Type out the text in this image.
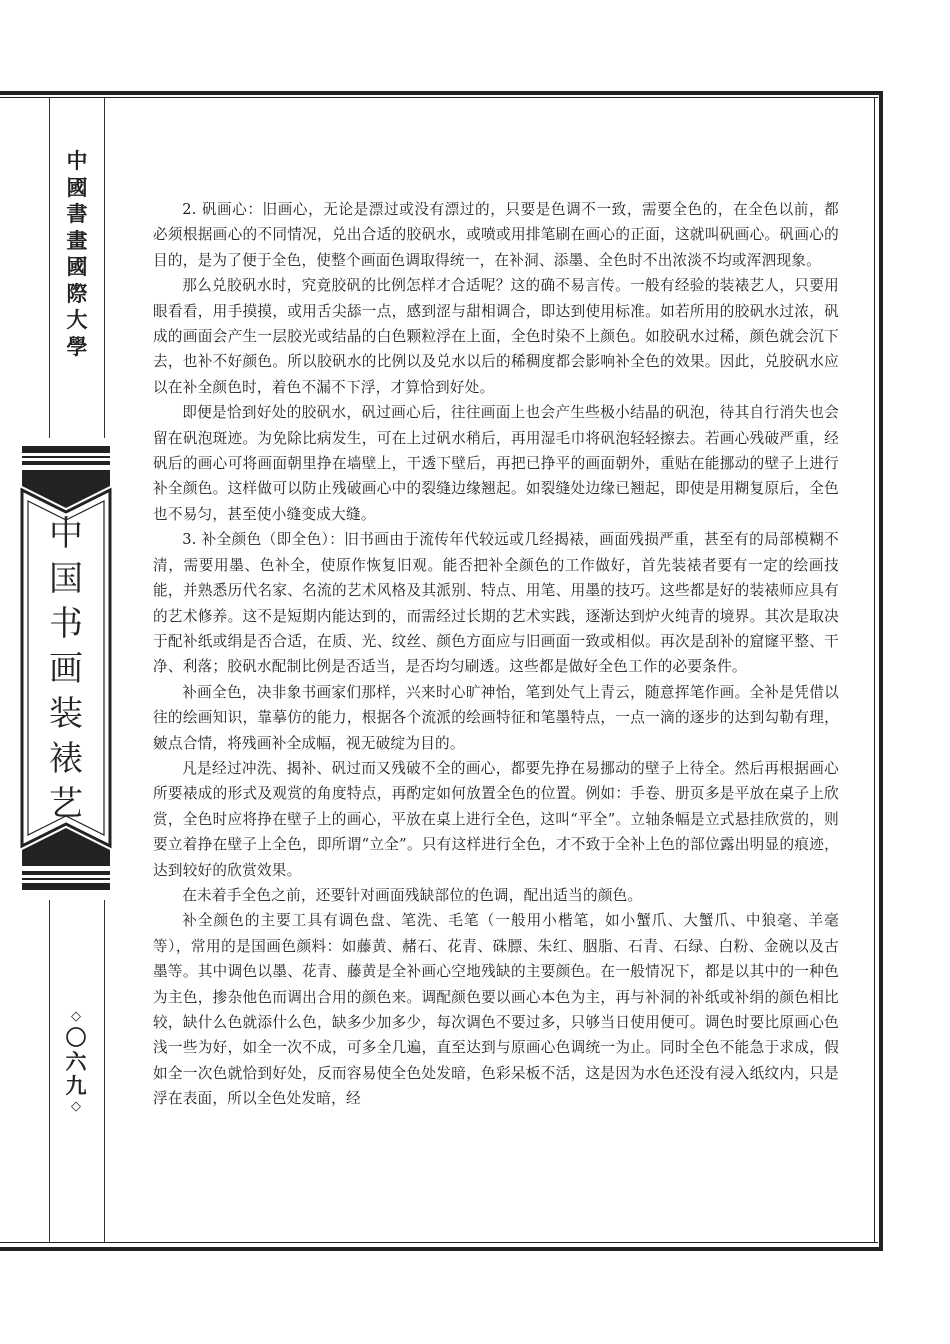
中
國
書
畫
國
際
大
學
中
国
书
画
装
裱
艺
术
◇
〇
六
九
◇

2. 矾画心：旧画心，无论是漂过或没有漂过的，只要是色调不一致，需要全色的，在全色以前，都必须根据画心的不同情况，兑出合适的胶矾水，或喷或用排笔刷在画心的正面，这就叫矾画心。矾画心的目的，是为了便于全色，使整个画面色调取得统一，在补洞、添墨、全色时不出浓淡不均或浑泗现象。

那么兑胶矾水时，究竟胶矾的比例怎样才合适呢？这的确不易言传。一般有经验的装裱艺人，只要用眼看看，用手摸摸，或用舌尖舔一点，感到涩与甜相调合，即达到使用标准。如若所用的胶矾水过浓，矾成的画面会产生一层胶光或结晶的白色颗粒浮在上面，全色时染不上颜色。如胶矾水过稀，颜色就会沉下去，也补不好颜色。所以胶矾水的比例以及兑水以后的稀稠度都会影响补全色的效果。因此，兑胶矾水应以在补全颜色时，着色不漏不下浮，才算恰到好处。

即便是恰到好处的胶矾水，矾过画心后，往往画面上也会产生些极小结晶的矾泡，待其自行消失也会留在矾泡斑迹。为免除比病发生，可在上过矾水稍后，再用湿毛巾将矾泡轻轻擦去。若画心残破严重，经矾后的画心可将画面朝里挣在墙壁上，干透下壁后，再把已挣平的画面朝外，重贴在能挪动的壁子上进行补全颜色。这样做可以防止残破画心中的裂缝边缘翘起。如裂缝处边缘已翘起，即使是用糊复原后，全色也不易匀，甚至使小缝变成大缝。

3. 补全颜色（即全色）：旧书画由于流传年代较远或几经揭裱，画面残损严重，甚至有的局部模糊不清，需要用墨、色补全，使原作恢复旧观。能否把补全颜色的工作做好，首先装裱者要有一定的绘画技能，并熟悉历代名家、名流的艺术风格及其派别、特点、用笔、用墨的技巧。这些都是好的装裱师应具有的艺术修养。这不是短期内能达到的，而需经过长期的艺术实践，逐渐达到炉火纯青的境界。其次是取决于配补纸或绢是否合适，在质、光、纹丝、颜色方面应与旧画面一致或相似。再次是刮补的窟窿平整、干净、利落；胶矾水配制比例是否适当，是否均匀刷透。这些都是做好全色工作的必要条件。

补画全色，决非象书画家们那样，兴来时心旷神怡，笔到处气上青云，随意挥笔作画。全补是凭借以往的绘画知识，靠摹仿的能力，根据各个流派的绘画特征和笔墨特点，一点一滴的逐步的达到勾勒有理，皴点合情，将残画补全成幅，视无破绽为目的。

凡是经过冲洗、揭补、矾过而又残破不全的画心，都要先挣在易挪动的壁子上待全。然后再根据画心所要裱成的形式及观赏的角度特点，再酌定如何放置全色的位置。例如：手卷、册页多是平放在桌子上欣赏，全色时应将挣在壁子上的画心，平放在桌上进行全色，这叫“平全”。立轴条幅是立式悬挂欣赏的，则要立着挣在壁子上全色，即所谓“立全”。只有这样进行全色，才不致于全补上色的部位露出明显的痕迹，达到较好的欣赏效果。

在未着手全色之前，还要针对画面残缺部位的色调，配出适当的颜色。

补全颜色的主要工具有调色盘、笔洗、毛笔（一般用小楷笔，如小蟹爪、大蟹爪、中狼毫、羊毫等），常用的是国画色颜料：如藤黄、赭石、花青、硃膘、朱红、胭脂、石青、石绿、白粉、金碗以及古墨等。其中调色以墨、花青、藤黄是全补画心空地残缺的主要颜色。在一般情况下，都是以其中的一种色为主色，掺杂他色而调出合用的颜色来。调配颜色要以画心本色为主，再与补洞的补纸或补绢的颜色相比较，缺什么色就添什么色，缺多少加多少，每次调色不要过多，只够当日使用便可。调色时要比原画心色浅一些为好，如全一次不成，可多全几遍，直至达到与原画心色调统一为止。同时全色不能急于求成，假如全一次色就恰到好处，反而容易使全色处发暗，色彩呆板不活，这是因为水色还没有浸入纸纹内，只是浮在表面，所以全色处发暗，经
